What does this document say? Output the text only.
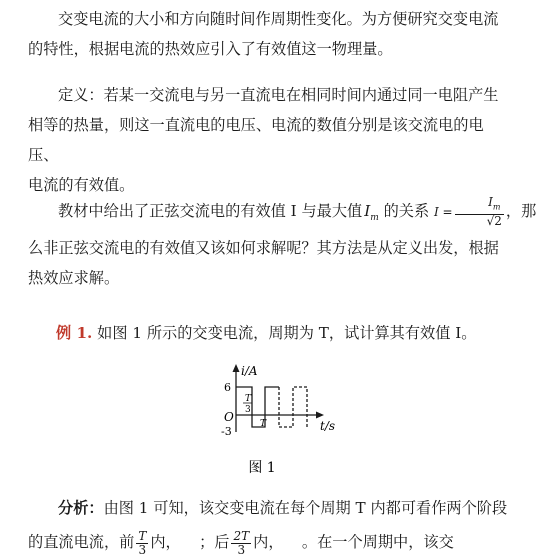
交变电流的大小和方向随时间作周期性变化。为方便研究交变电流
的特性，根据电流的热效应引入了有效值这一物理量。
定义：若某一交流电与另一直流电在相同时间内通过同一电阻产生
相等的热量，则这一直流电的电压、电流的数值分别是该交流电的电压、
电流的有效值。
教材中给出了正弦交流电的有效值 I 与最大值 $I_m$ 的关系 $I = \frac{I_m}{√2}$ ，那
么非正弦交流电的有效值又该如何求解呢？其方法是从定义出发，根据
热效应求解。
例 1. 如图 1 所示的交变电流，周期为 T，试计算其有效值 I。
i/A
t/s
O
6
-3
T
3
T
图 1
分析：由图 1 可知，该交变电流在每个周期 T 内都可看作两个阶段
的直流电流，前 $\frac{T}{3}$ 内， ；后 $\frac{2T}{3}$ 内， 。在一个周期中，该交
